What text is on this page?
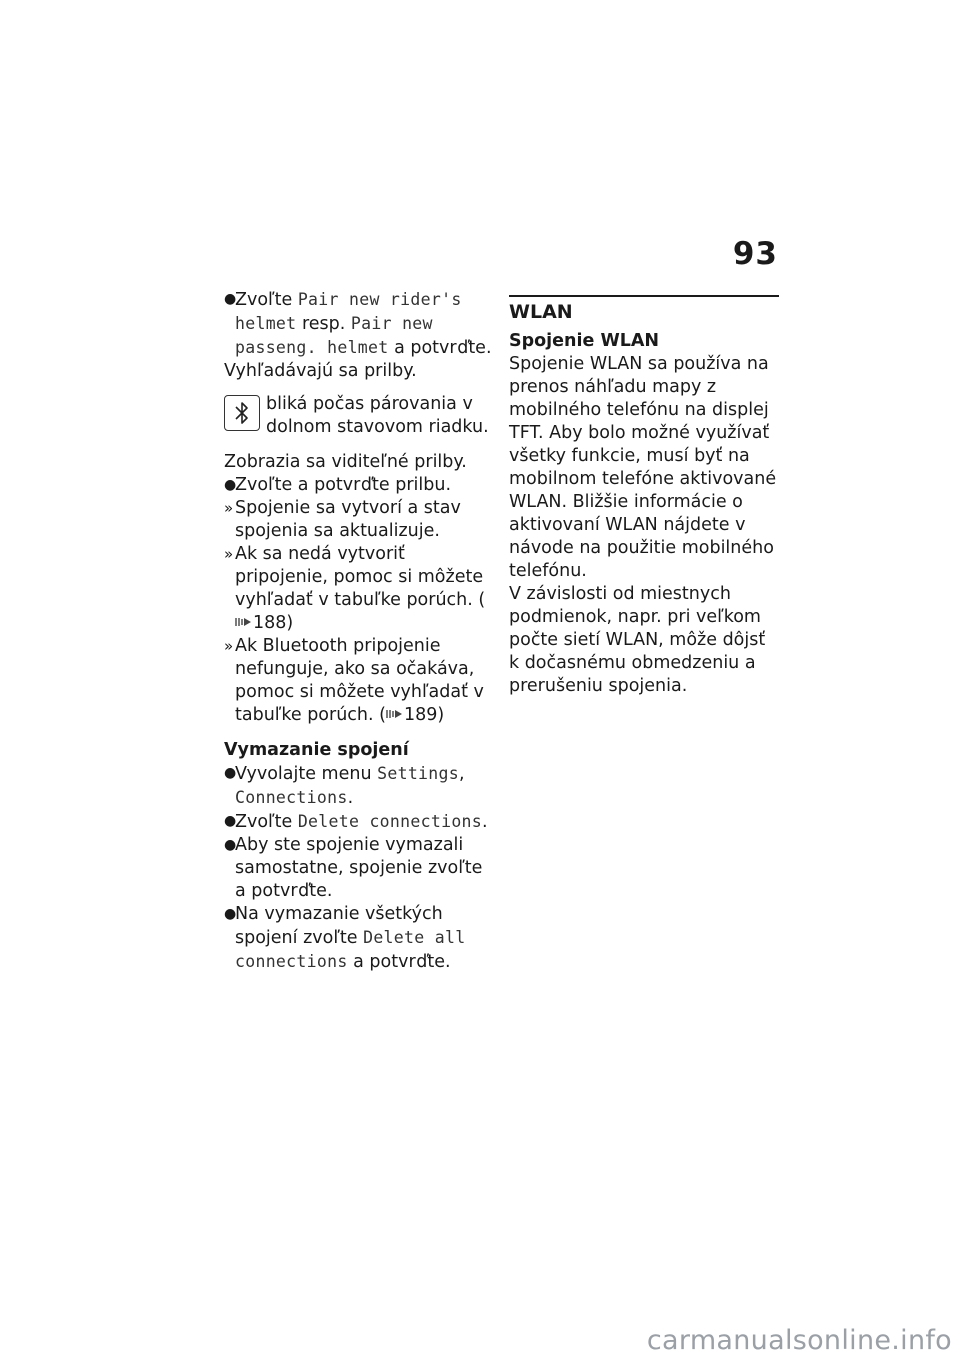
93
●
Zvoľte Pair new rider's helmet resp. Pair new passeng. helmet a potvrďte.

Vyhľadávajú sa prilby.

bliká počas párovania v dolnom stavovom riadku.

Zobrazia sa viditeľné prilby.

●
Zvoľte a potvrďte prilbu.
» Spojenie sa vytvorí a stav spojenia sa aktualizuje.
» Ak sa nedá vytvoriť pripojenie, pomoc si môžete vyhľadať v tabuľke porúch. (188)
» Ak Bluetooth pripojenie nefunguje, ako sa očakáva, pomoc si môžete vyhľadať v tabuľke porúch. ( 189)

Vymazanie spojení

●
Vyvolajte menu Settings, Connections.
●
Zvoľte Delete connections.
●
Aby ste spojenie vymazali samostatne, spojenie zvoľte a potvrďte.
●
Na vymazanie všetkých spojení zvoľte Delete all connections a potvrďte.
WLAN

Spojenie WLAN

Spojenie WLAN sa používa na prenos náhľadu mapy z mobilného telefónu na displej TFT. Aby bolo možné využívať všetky funkcie, musí byť na mobilnom telefóne aktivované WLAN. Bližšie informácie o aktivovaní WLAN nájdete v návode na použitie mobilného telefónu.

V závislosti od miestnych podmienok, napr. pri veľkom počte sietí WLAN, môže dôjsť k dočasnému obmedzeniu a prerušeniu spojenia.

carmanualsonline.info
